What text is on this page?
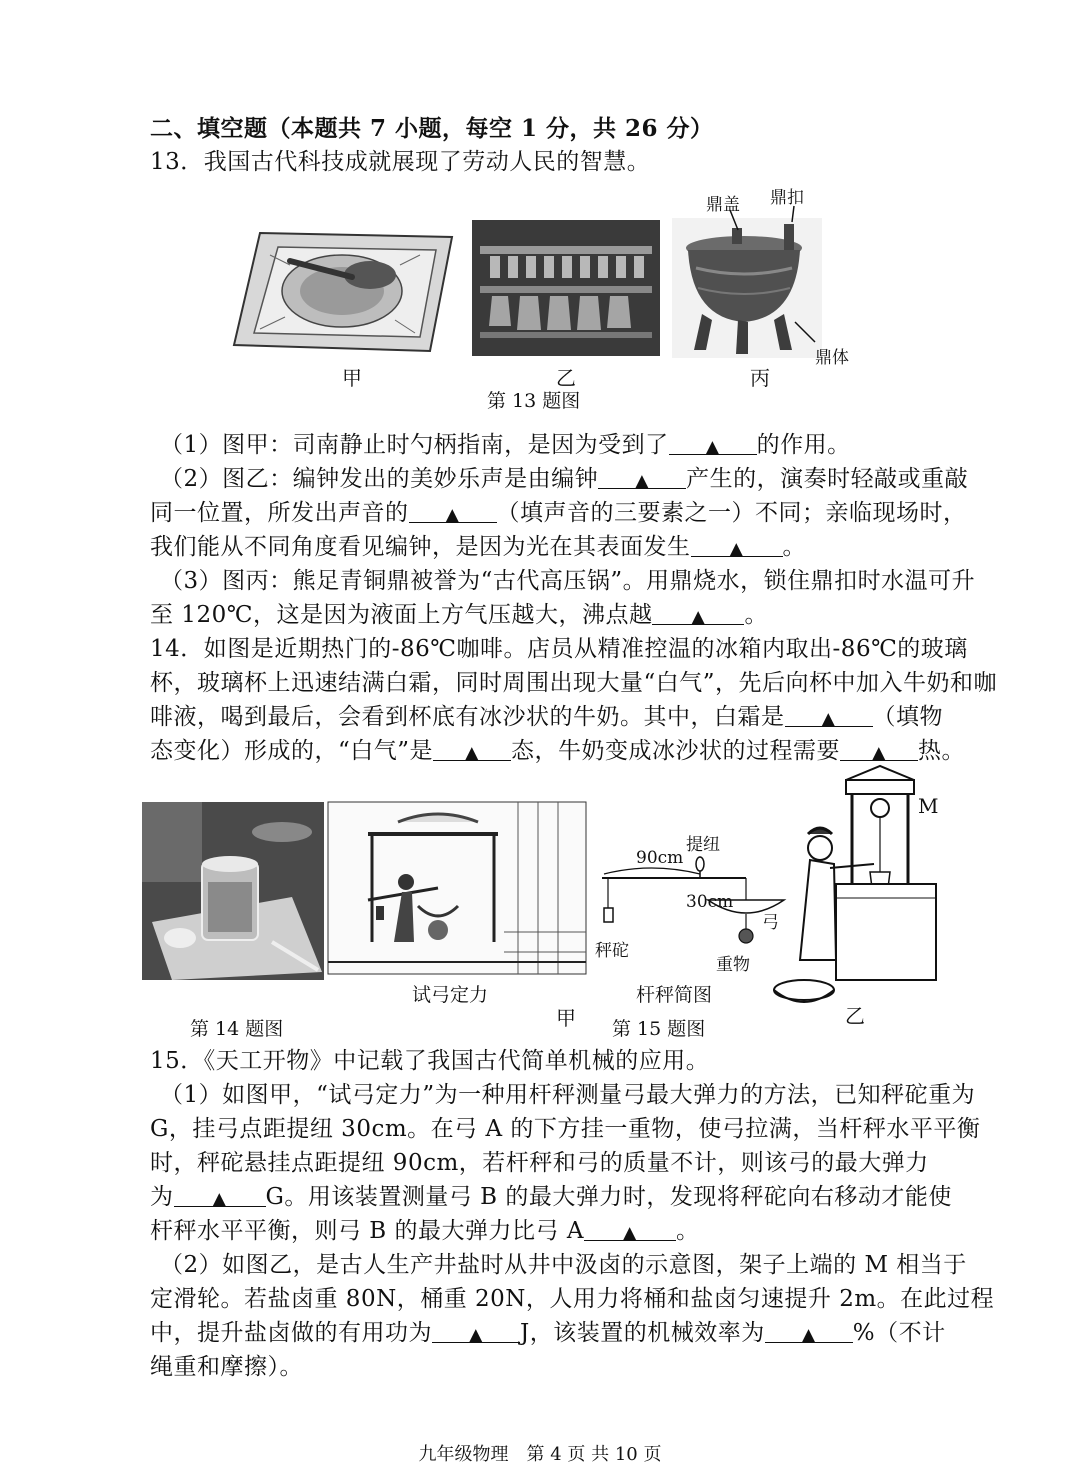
二、填空题（本题共 7 小题，每空 1 分，共 26 分）
13．我国古代科技成就展现了劳动人民的智慧。
甲	乙
鼎盖 鼎扣
鼎体
丙
第 13 题图
（1）图甲：司南静止时勺柄指南，是因为受到了 ▲ 的作用。
（2）图乙：编钟发出的美妙乐声是由编钟 ▲ 产生的，演奏时轻敲或重敲
同一位置，所发出声音的 ▲ （填声音的三要素之一）不同；亲临现场时，
我们能从不同角度看见编钟，是因为光在其表面发生 ▲ 。
（3）图丙：熊足青铜鼎被誉为“古代高压锅”。用鼎烧水，锁住鼎扣时水温可升
至 120℃，这是因为液面上方气压越大，沸点越 ▲ 。
14．如图是近期热门的-86℃咖啡。店员从精准控温的冰箱内取出-86℃的玻璃
杯，玻璃杯上迅速结满白霜，同时周围出现大量“白气”，先后向杯中加入牛奶和咖
啡液，喝到最后，会看到杯底有冰沙状的牛奶。其中，白霜是 ▲ （填物
态变化）形成的，“白气”是 ▲ 态，牛奶变成冰沙状的过程需要 ▲ 热。
第 14 题图
试弓定力
甲
90cm
提纽
30cm
弓
秤砣
重物
杆秤简图
M
乙
第 15 题图
15．《天工开物》中记载了我国古代简单机械的应用。
（1）如图甲，“试弓定力”为一种用杆秤测量弓最大弹力的方法，已知秤砣重为
G，挂弓点距提纽 30cm。在弓 A 的下方挂一重物，使弓拉满，当杆秤水平平衡
时，秤砣悬挂点距提纽 90cm，若杆秤和弓的质量不计，则该弓的最大弹力
为 ▲ G。用该装置测量弓 B 的最大弹力时，发现将秤砣向右移动才能使
杆秤水平平衡，则弓 B 的最大弹力比弓 A ▲ 。
（2）如图乙，是古人生产井盐时从井中汲卤的示意图，架子上端的 M 相当于
定滑轮。若盐卤重 80N，桶重 20N，人用力将桶和盐卤匀速提升 2m。在此过程
中，提升盐卤做的有用功为 ▲ J，该装置的机械效率为 ▲ %（不计
绳重和摩擦）。
九年级物理　第 4 页 共 10 页
